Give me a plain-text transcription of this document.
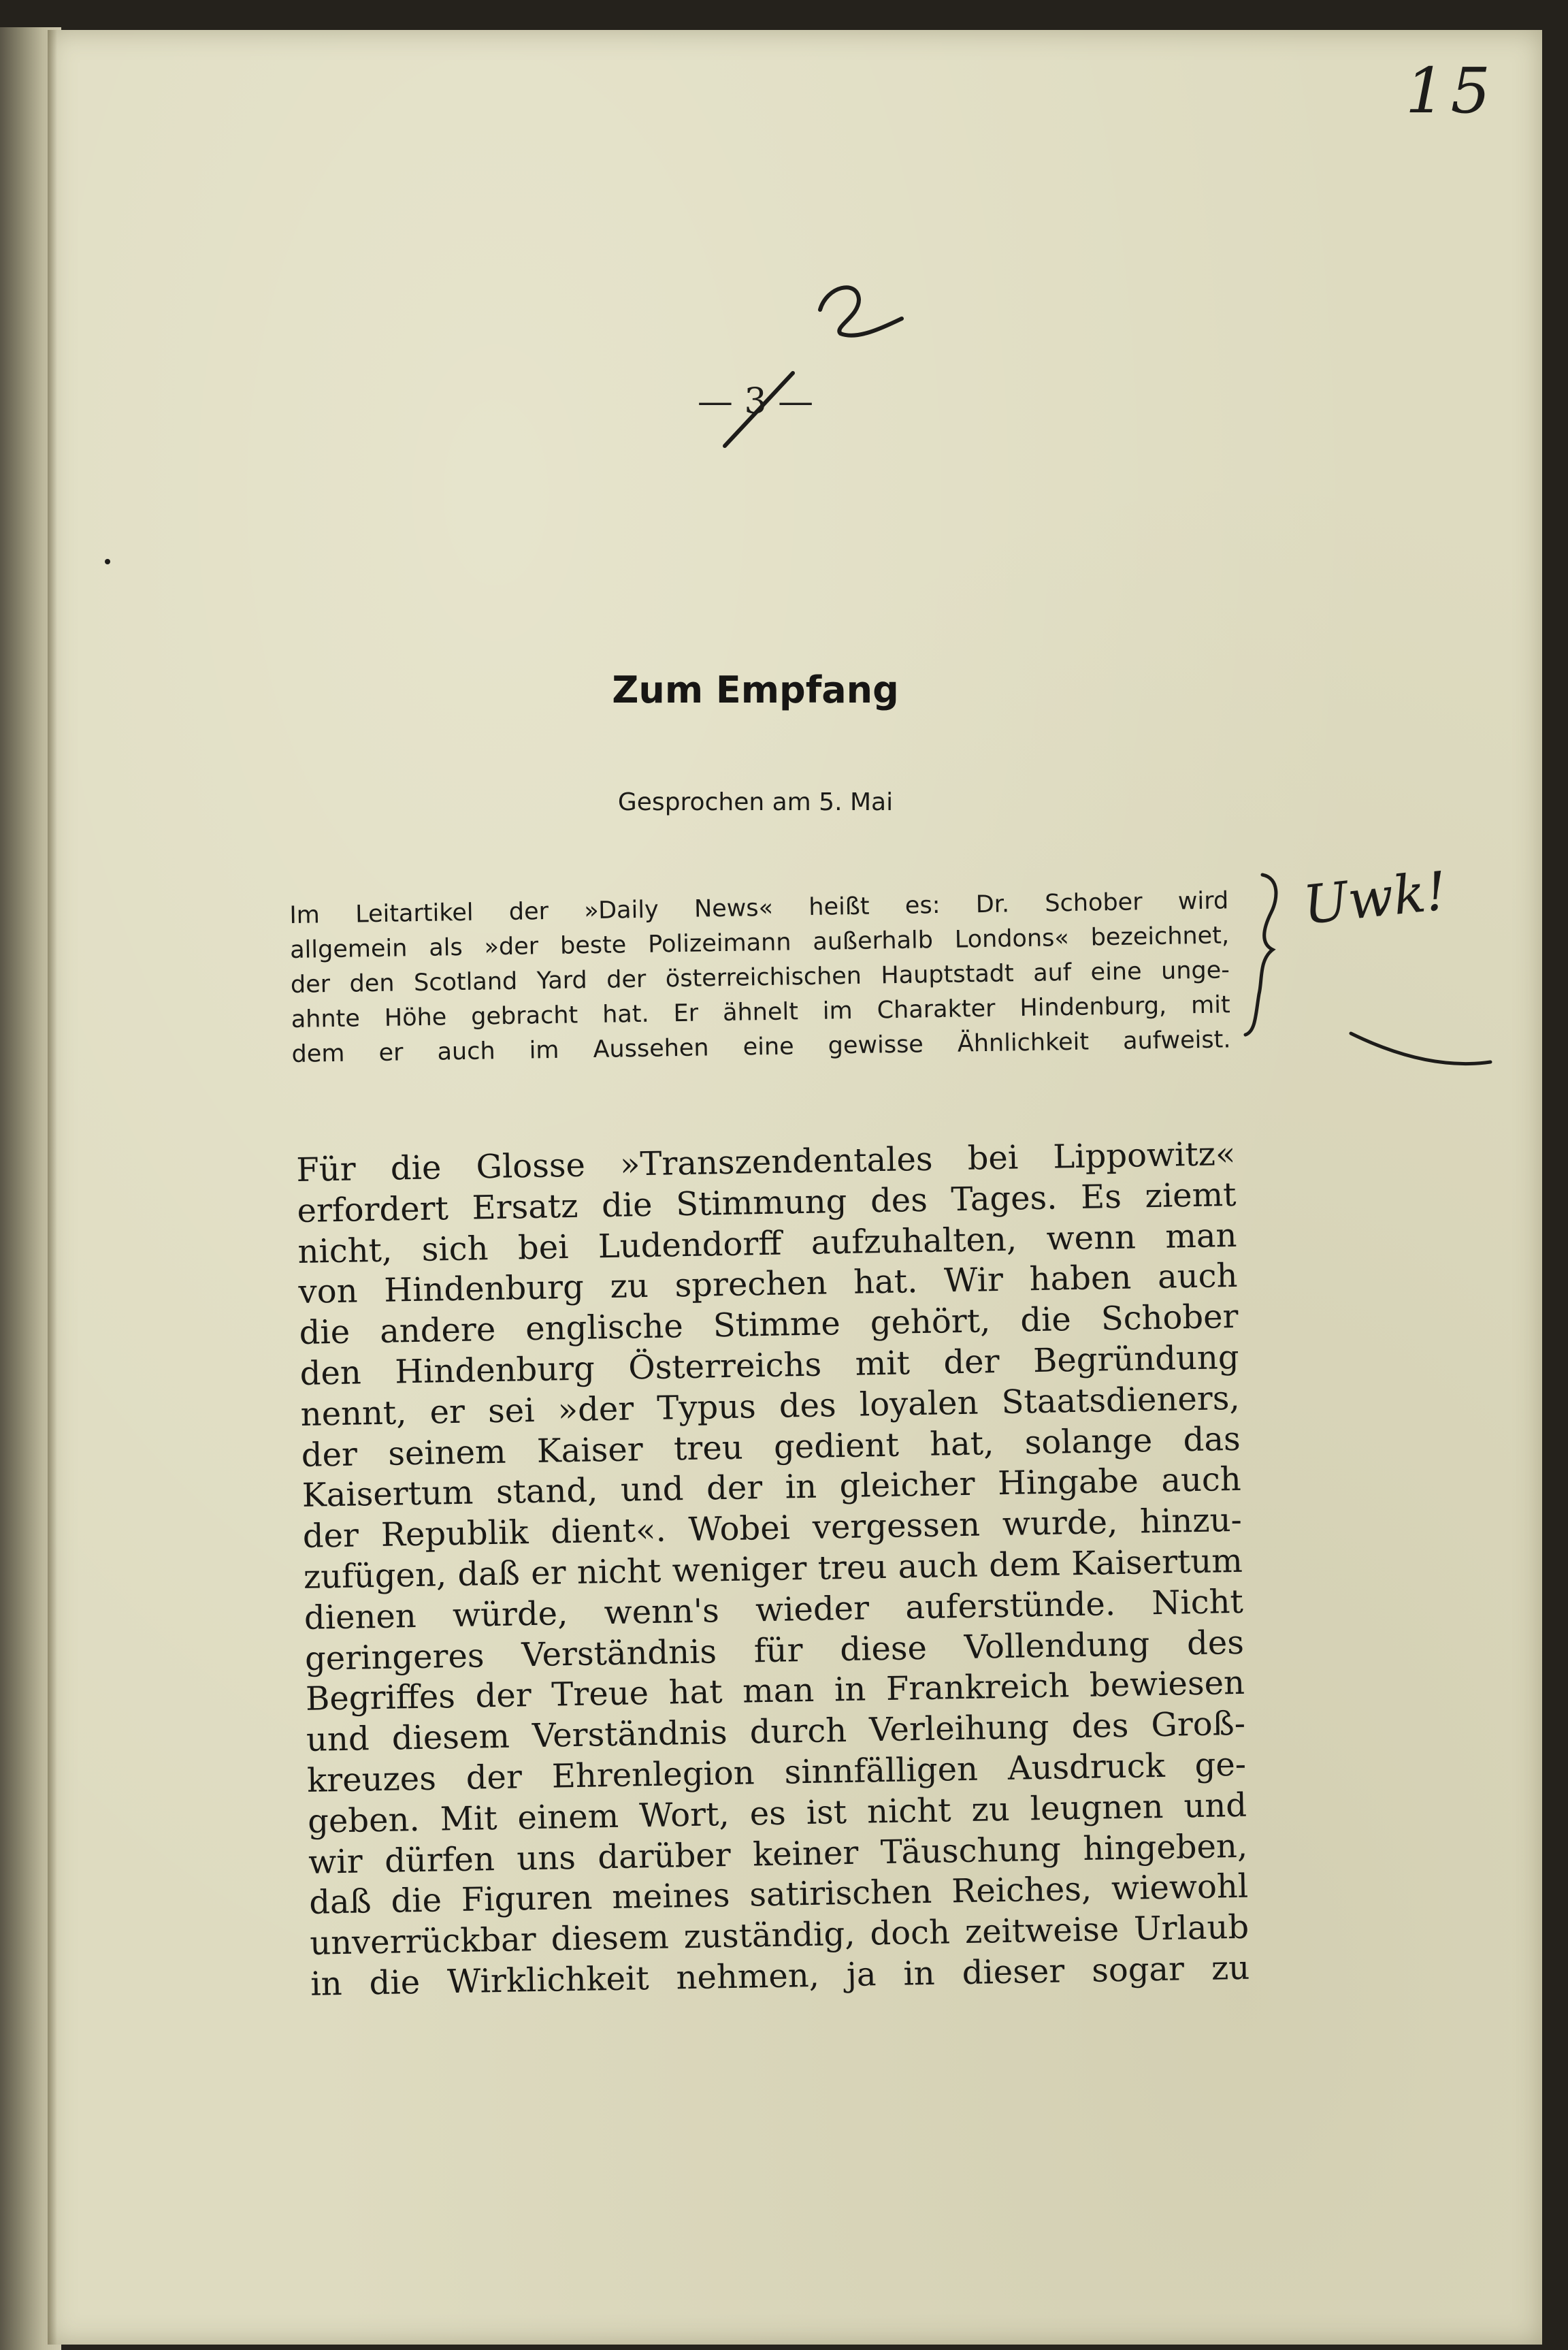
15
Uwk!
— 3 —
Zum Empfang
Gesprochen am 5. Mai
Im Leitartikel der »Daily News« heißt es: Dr. Schober wird
allgemein als »der beste Polizeimann außerhalb Londons« bezeichnet,
der den Scotland Yard der österreichischen Hauptstadt auf eine unge-
ahnte Höhe gebracht hat. Er ähnelt im Charakter Hindenburg, mit
dem er auch im Aussehen eine gewisse Ähnlichkeit aufweist.
Für die Glosse »Transzendentales bei Lippowitz«
erfordert Ersatz die Stimmung des Tages. Es ziemt
nicht, sich bei Ludendorff aufzuhalten, wenn man
von Hindenburg zu sprechen hat. Wir haben auch
die andere englische Stimme gehört, die Schober
den Hindenburg Österreichs mit der Begründung
nennt, er sei »der Typus des loyalen Staatsdieners,
der seinem Kaiser treu gedient hat, solange das
Kaisertum stand, und der in gleicher Hingabe auch
der Republik dient«. Wobei vergessen wurde, hinzu-
zufügen, daß er nicht weniger treu auch dem Kaisertum
dienen würde, wenn's wieder auferstünde. Nicht
geringeres Verständnis für diese Vollendung des
Begriffes der Treue hat man in Frankreich bewiesen
und diesem Verständnis durch Verleihung des Groß-
kreuzes der Ehrenlegion sinnfälligen Ausdruck ge-
geben. Mit einem Wort, es ist nicht zu leugnen und
wir dürfen uns darüber keiner Täuschung hingeben,
daß die Figuren meines satirischen Reiches, wiewohl
unverrückbar diesem zuständig, doch zeitweise Urlaub
in die Wirklichkeit nehmen, ja in dieser sogar zu
